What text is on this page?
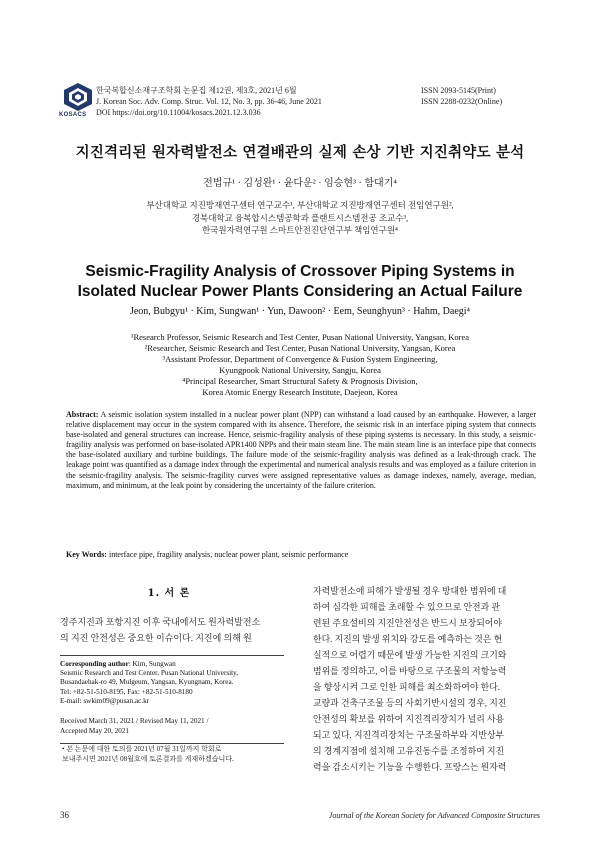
KOSACS
한국복합신소재구조학회 논문집 제12권, 제3호, 2021년 6월
J. Korean Soc. Adv. Comp. Struc. Vol. 12, No. 3, pp. 36-46, June 2021
DOI https://doi.org/10.11004/kosacs.2021.12.3.036
ISSN 2093-5145(Print)
ISSN 2288-0232(Online)
지진격리된 원자력발전소 연결배관의 실제 손상 기반 지진취약도 분석
전법규¹ · 김성완¹ · 윤다운² · 임승현³ · 함대기⁴
부산대학교 지진방재연구센터 연구교수¹, 부산대학교 지진방재연구센터 전임연구원²,
경북대학교 융복합시스템공학과 플랜트시스템전공 조교수³,
한국원자력연구원 스마트안전진단연구부 책임연구원⁴
Seismic-Fragility Analysis of Crossover Piping Systems in
Isolated Nuclear Power Plants Considering an Actual Failure
Jeon, Bubgyu¹ · Kim, Sungwan¹ · Yun, Dawoon² · Eem, Seunghyun³ · Hahm, Daegi⁴
¹Research Professor, Seismic Research and Test Center, Pusan National University, Yangsan, Korea
²Researcher, Seismic Research and Test Center, Pusan National University, Yangsan, Korea
³Assistant Professor, Department of Convergence & Fusion System Engineering,
Kyungpook National University, Sangju, Korea
⁴Principal Researcher, Smart Structural Safety & Prognosis Division,
Korea Atomic Energy Research Institute, Daejeon, Korea
Abstract: A seismic isolation system installed in a nuclear power plant (NPP) can withstand a load caused by an earthquake. However, a larger relative displacement may occur in the system compared with its absence. Therefore, the seismic risk in an interface piping system that connects base-isolated and general structures can increase. Hence, seismic-fragility analysis of these piping systems is necessary. In this study, a seismic-fragility analysis was performed on base-isolated APR1400 NPPs and their main steam line. The main steam line is an interface pipe that connects the base-isolated auxiliary and turbine buildings. The failure mode of the seismic-fragility analysis was defined as a leak-through crack. The leakage point was quantified as a damage index through the experimental and numerical analysis results and was employed as a failure criterion in the seismic-fragility analysis. The seismic-fragility curves were assigned representative values as damage indexes, namely, average, median, maximum, and minimum, at the leak point by considering the uncertainty of the failure criterion.
Key Words: interface pipe, fragility analysis, nuclear power plant, seismic performance
1. 서 론
경주지진과 포항지진 이후 국내에서도 원자력발전소
의 지진 안전성은 중요한 이슈이다. 지진에 의해 원
Corresponding author: Kim, Sungwan
Seismic Research and Test Center, Pusan National University,
Busandaehak-ro 49, Mulgeum, Yangsan, Kyungnam, Korea.
Tel: +82-51-510-8195, Fax: +82-51-510-8180
E-mail: swkim09@pusan.ac.kr
Received March 31, 2021 / Revised May 11, 2021 /
Accepted May 20, 2021
• 본 논문에 대한 토의를 2021년 07월 31일까지 학회로
보내주시면 2021년 08월호에 토론결과를 게재하겠습니다.
자력발전소에 피해가 발생될 경우 방대한 범위에 대
하여 심각한 피해를 초래할 수 있으므로 안전과 관
련된 주요설비의 지진안전성은 반드시 보장되어야
한다. 지진의 발생 위치와 강도를 예측하는 것은 현
실적으로 어렵기 때문에 발생 가능한 지진의 크기와
범위를 정의하고, 이를 바탕으로 구조물의 저항능력
을 향상시켜 그로 인한 피해를 최소화하여야 한다.
교량과 건축구조물 등의 사회기반시설의 경우, 지진
안전성의 확보를 위하여 지진격리장치가 널리 사용
되고 있다. 지진격리장치는 구조물하부와 지반상부
의 경계지점에 설치해 고유진동수를 조정하여 지진
력을 감소시키는 기능을 수행한다. 프랑스는 원자력
36	Journal of the Korean Society for Advanced Composite Structures
